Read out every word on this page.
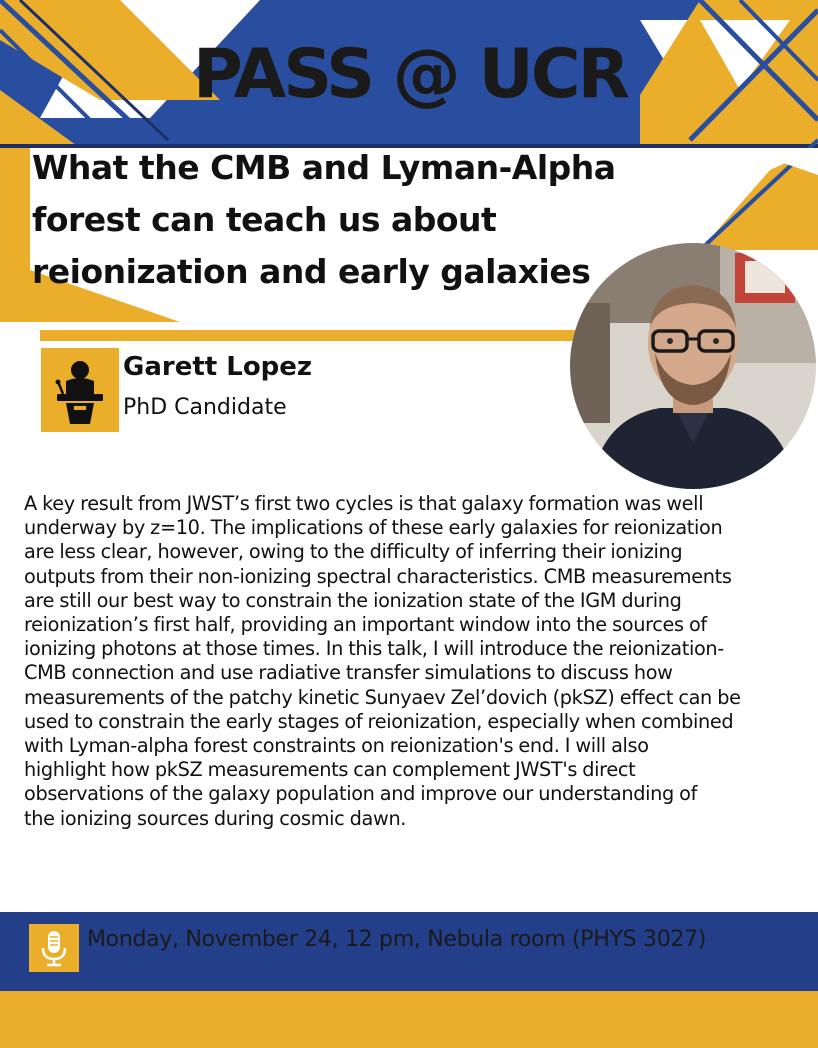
PASS @ UCR
What the CMB and Lyman-Alpha
forest can teach us about
reionization and early galaxies
Garett Lopez
PhD Candidate
A key result from JWST’s first two cycles is that galaxy formation was well
underway by z=10. The implications of these early galaxies for reionization
are less clear, however, owing to the difficulty of inferring their ionizing
outputs from their non-ionizing spectral characteristics. CMB measurements
are still our best way to constrain the ionization state of the IGM during
reionization’s first half, providing an important window into the sources of
ionizing photons at those times. In this talk, I will introduce the reionization-
CMB connection and use radiative transfer simulations to discuss how
measurements of the patchy kinetic Sunyaev Zel’dovich (pkSZ) effect can be
used to constrain the early stages of reionization, especially when combined
with Lyman-alpha forest constraints on reionization's end. I will also
highlight how pkSZ measurements can complement JWST's direct
observations of the galaxy population and improve our understanding of
the ionizing sources during cosmic dawn.
Monday, November 24, 12 pm, Nebula room (PHYS 3027)
